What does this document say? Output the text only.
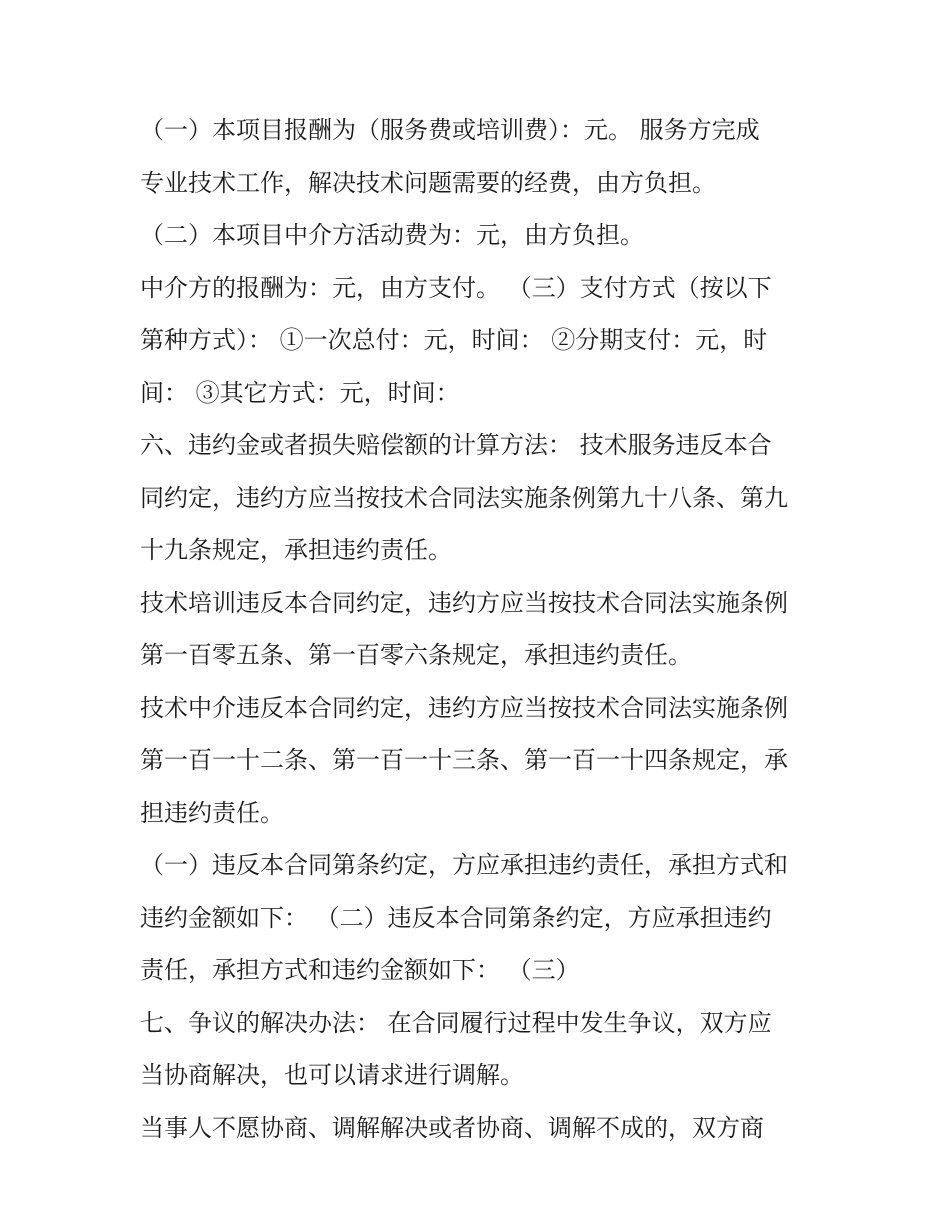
（一）本项目报酬为（服务费或培训费）：元。 服务方完成

专业技术工作，解决技术问题需要的经费，由方负担。

（二）本项目中介方活动费为：元，由方负担。

中介方的报酬为：元，由方支付。 （三）支付方式（按以下

第种方式）： ①一次总付：元，时间： ②分期支付：元，时

间： ③其它方式：元，时间：

六、违约金或者损失赔偿额的计算方法： 技术服务违反本合

同约定，违约方应当按技术合同法实施条例第九十八条、第九

十九条规定，承担违约责任。

技术培训违反本合同约定，违约方应当按技术合同法实施条例

第一百零五条、第一百零六条规定，承担违约责任。

技术中介违反本合同约定，违约方应当按技术合同法实施条例

第一百一十二条、第一百一十三条、第一百一十四条规定，承

担违约责任。

（一）违反本合同第条约定，方应承担违约责任，承担方式和

违约金额如下： （二）违反本合同第条约定，方应承担违约

责任，承担方式和违约金额如下： （三）

七、争议的解决办法： 在合同履行过程中发生争议，双方应

当协商解决，也可以请求进行调解。

当事人不愿协商、调解解决或者协商、调解不成的，双方商
